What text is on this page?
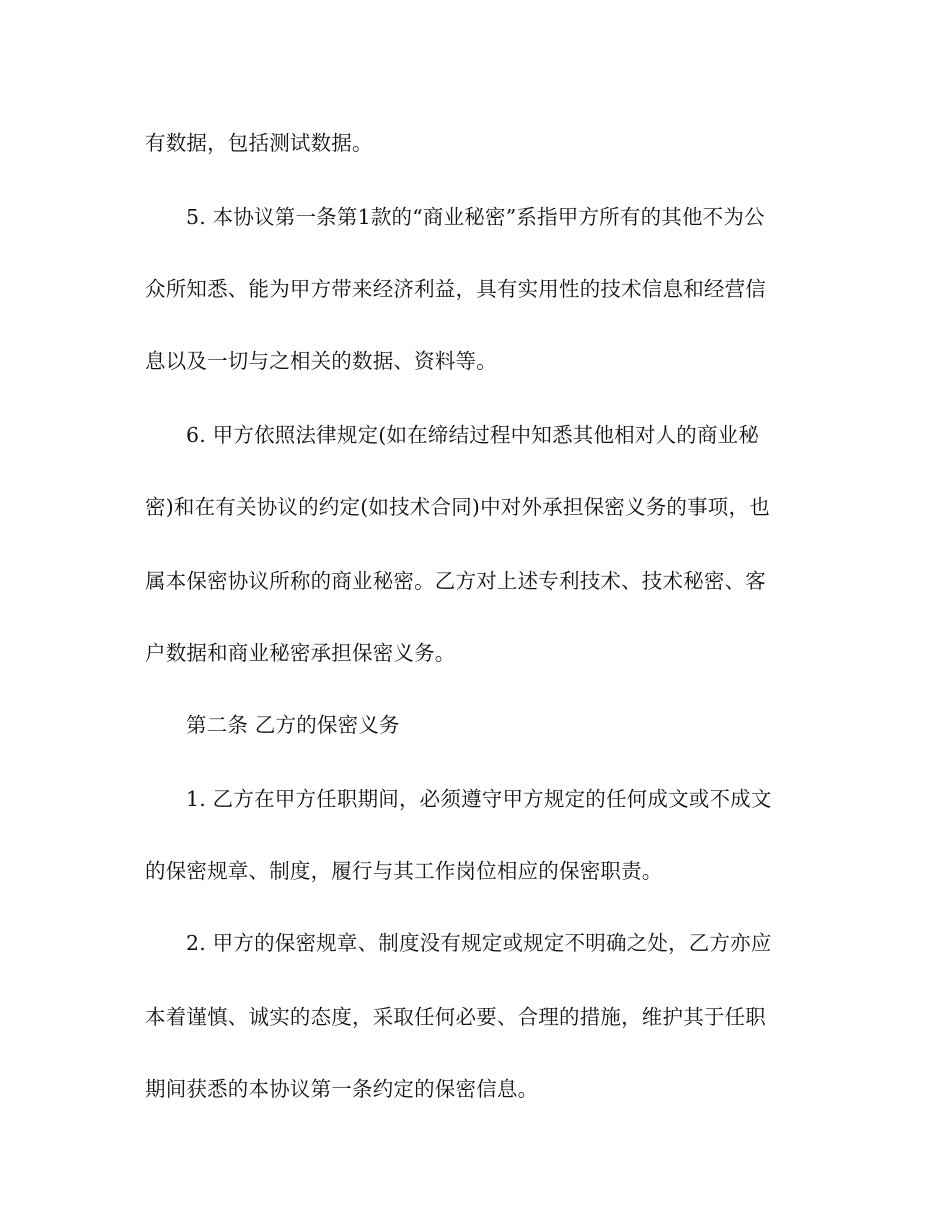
有数据，包括测试数据。
5. 本协议第一条第1款的“商业秘密”系指甲方所有的其他不为公
众所知悉、能为甲方带来经济利益，具有实用性的技术信息和经营信
息以及一切与之相关的数据、资料等。
6. 甲方依照法律规定(如在缔结过程中知悉其他相对人的商业秘
密)和在有关协议的约定(如技术合同)中对外承担保密义务的事项，也
属本保密协议所称的商业秘密。乙方对上述专利技术、技术秘密、客
户数据和商业秘密承担保密义务。
第二条 乙方的保密义务
1. 乙方在甲方任职期间，必须遵守甲方规定的任何成文或不成文
的保密规章、制度，履行与其工作岗位相应的保密职责。
2. 甲方的保密规章、制度没有规定或规定不明确之处，乙方亦应
本着谨慎、诚实的态度，采取任何必要、合理的措施，维护其于任职
期间获悉的本协议第一条约定的保密信息。
